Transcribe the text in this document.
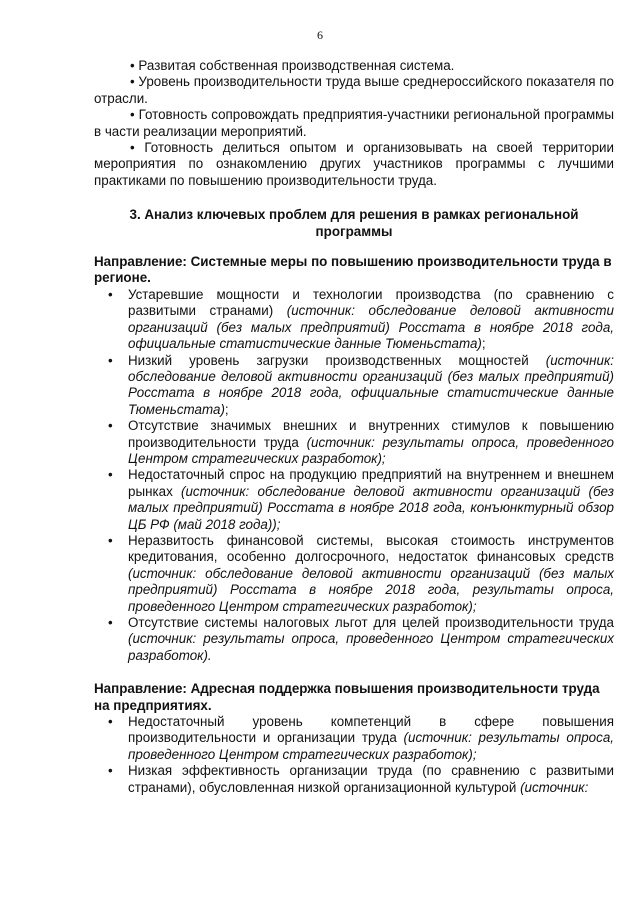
6

• Развитая собственная производственная система.

• Уровень производительности труда выше среднероссийского показателя по отрасли.

• Готовность сопровождать предприятия-участники региональной программы в части реализации мероприятий.

• Готовность делиться опытом и организовывать на своей территории мероприятия по ознакомлению других участников программы с лучшими практиками по повышению производительности труда.

3. Анализ ключевых проблем для решения в рамках региональной программы

Направление: Системные меры по повышению производительности труда в регионе.

• Устаревшие мощности и технологии производства (по сравнению с развитыми странами) (источник: обследование деловой активности организаций (без малых предприятий) Росстата в ноябре 2018 года, официальные статистические данные Тюменьстата);
• Низкий уровень загрузки производственных мощностей (источник: обследование деловой активности организаций (без малых предприятий) Росстата в ноябре 2018 года, официальные статистические данные Тюменьстата);
• Отсутствие значимых внешних и внутренних стимулов к повышению производительности труда (источник: результаты опроса, проведенного Центром стратегических разработок);
• Недостаточный спрос на продукцию предприятий на внутреннем и внешнем рынках (источник: обследование деловой активности организаций (без малых предприятий) Росстата в ноябре 2018 года, конъюнктурный обзор ЦБ РФ (май 2018 года));
• Неразвитость финансовой системы, высокая стоимость инструментов кредитования, особенно долгосрочного, недостаток финансовых средств (источник: обследование деловой активности организаций (без малых предприятий) Росстата в ноябре 2018 года, результаты опроса, проведенного Центром стратегических разработок);
• Отсутствие системы налоговых льгот для целей производительности труда (источник: результаты опроса, проведенного Центром стратегических разработок).

Направление: Адресная поддержка повышения производительности труда на предприятиях.

• Недостаточный уровень компетенций в сфере повышения производительности и организации труда (источник: результаты опроса, проведенного Центром стратегических разработок);
• Низкая эффективность организации труда (по сравнению с развитыми странами), обусловленная низкой организационной культурой (источник:
